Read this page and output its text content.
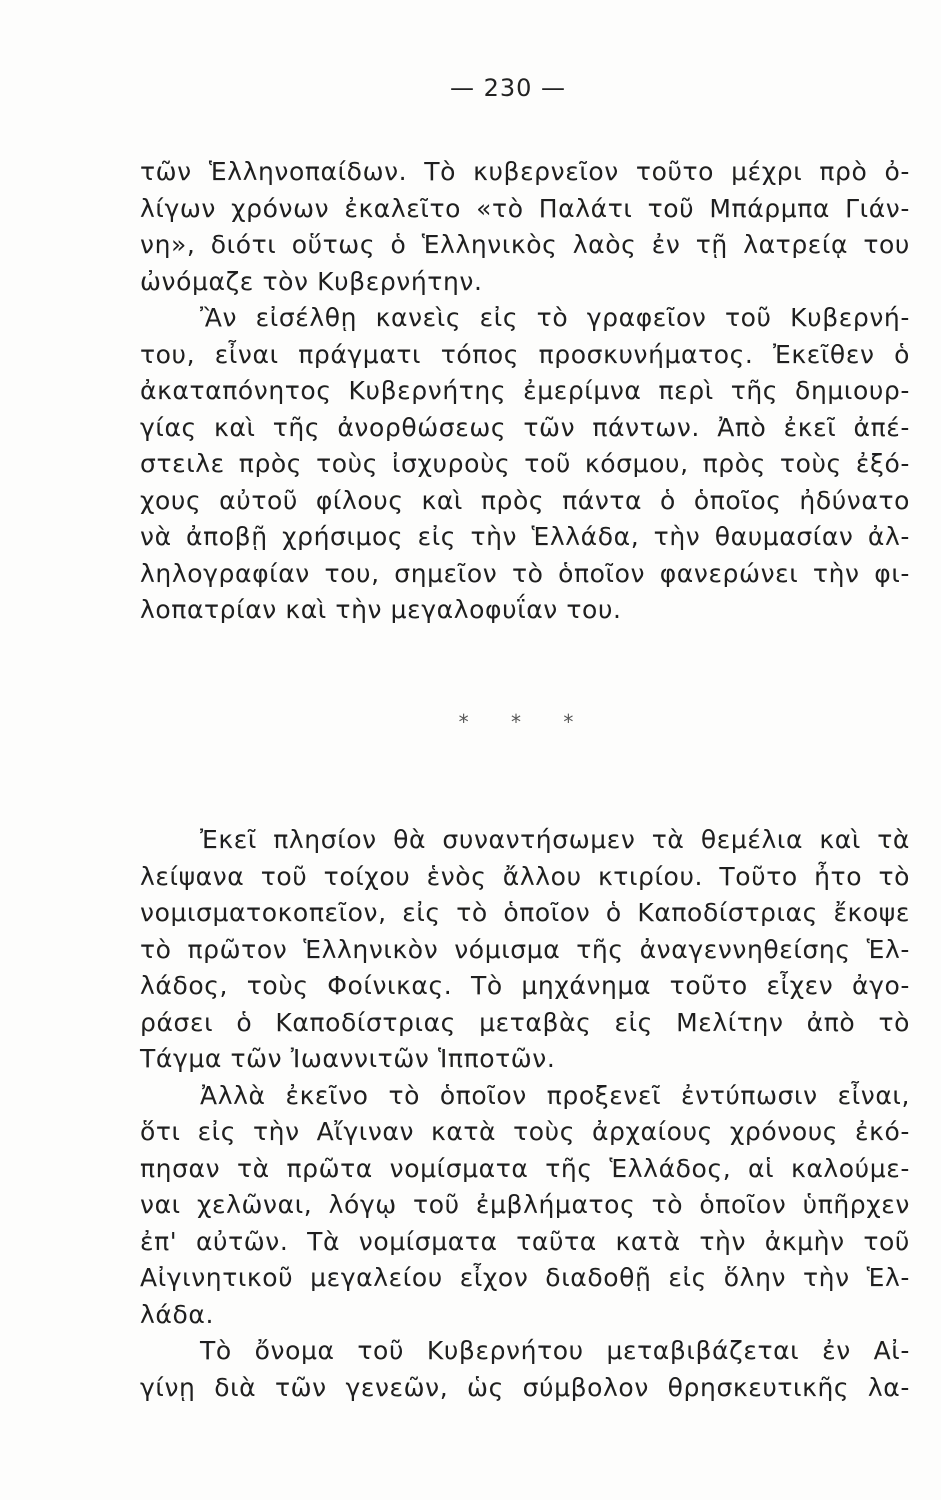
— 230 —
τῶν Ἑλληνοπαίδων. Τὸ κυβερνεῖον τοῦτο μέχρι πρὸ ὀ-
λίγων χρόνων ἐκαλεῖτο «τὸ Παλάτι τοῦ Μπάρμπα Γιάν-
νη», διότι οὕτως ὁ Ἑλληνικὸς λαὸς ἐν τῇ λατρείᾳ του
ὠνόμαζε τὸν Κυβερνήτην.
Ἂν εἰσέλθῃ κανεὶς εἰς τὸ γραφεῖον τοῦ Κυβερνή-
του, εἶναι πράγματι τόπος προσκυνήματος. Ἐκεῖθεν ὁ
ἀκαταπόνητος Κυβερνήτης ἐμερίμνα περὶ τῆς δημιουρ-
γίας καὶ τῆς ἀνορθώσεως τῶν πάντων. Ἀπὸ ἐκεῖ ἀπέ-
στειλε πρὸς τοὺς ἰσχυροὺς τοῦ κόσμου, πρὸς τοὺς ἐξό-
χους αὐτοῦ φίλους καὶ πρὸς πάντα ὁ ὁποῖος ἠδύνατο
νὰ ἀποβῇ χρήσιμος εἰς τὴν Ἑλλάδα, τὴν θαυμασίαν ἀλ-
ληλογραφίαν του, σημεῖον τὸ ὁποῖον φανερώνει τὴν φι-
λοπατρίαν καὶ τὴν μεγαλοφυΐαν του.
* * *
Ἐκεῖ πλησίον θὰ συναντήσωμεν τὰ θεμέλια καὶ τὰ
λείψανα τοῦ τοίχου ἑνὸς ἄλλου κτιρίου. Τοῦτο ἦτο τὸ
νομισματοκοπεῖον, εἰς τὸ ὁποῖον ὁ Καποδίστριας ἔκοψε
τὸ πρῶτον Ἑλληνικὸν νόμισμα τῆς ἀναγεννηθείσης Ἑλ-
λάδος, τοὺς Φοίνικας. Τὸ μηχάνημα τοῦτο εἶχεν ἀγο-
ράσει ὁ Καποδίστριας μεταβὰς εἰς Μελίτην ἀπὸ τὸ
Τάγμα τῶν Ἰωαννιτῶν Ἱπποτῶν.
Ἀλλὰ ἐκεῖνο τὸ ὁποῖον προξενεῖ ἐντύπωσιν εἶναι,
ὅτι εἰς τὴν Αἴγιναν κατὰ τοὺς ἀρχαίους χρόνους ἐκό-
πησαν τὰ πρῶτα νομίσματα τῆς Ἑλλάδος, αἱ καλούμε-
ναι χελῶναι, λόγῳ τοῦ ἐμβλήματος τὸ ὁποῖον ὑπῆρχεν
ἐπ' αὐτῶν. Τὰ νομίσματα ταῦτα κατὰ τὴν ἀκμὴν τοῦ
Αἰγινητικοῦ μεγαλείου εἶχον διαδοθῇ εἰς ὅλην τὴν Ἑλ-
λάδα.
Τὸ ὄνομα τοῦ Κυβερνήτου μεταβιβάζεται ἐν Αἰ-
γίνῃ διὰ τῶν γενεῶν, ὡς σύμβολον θρησκευτικῆς λα-
